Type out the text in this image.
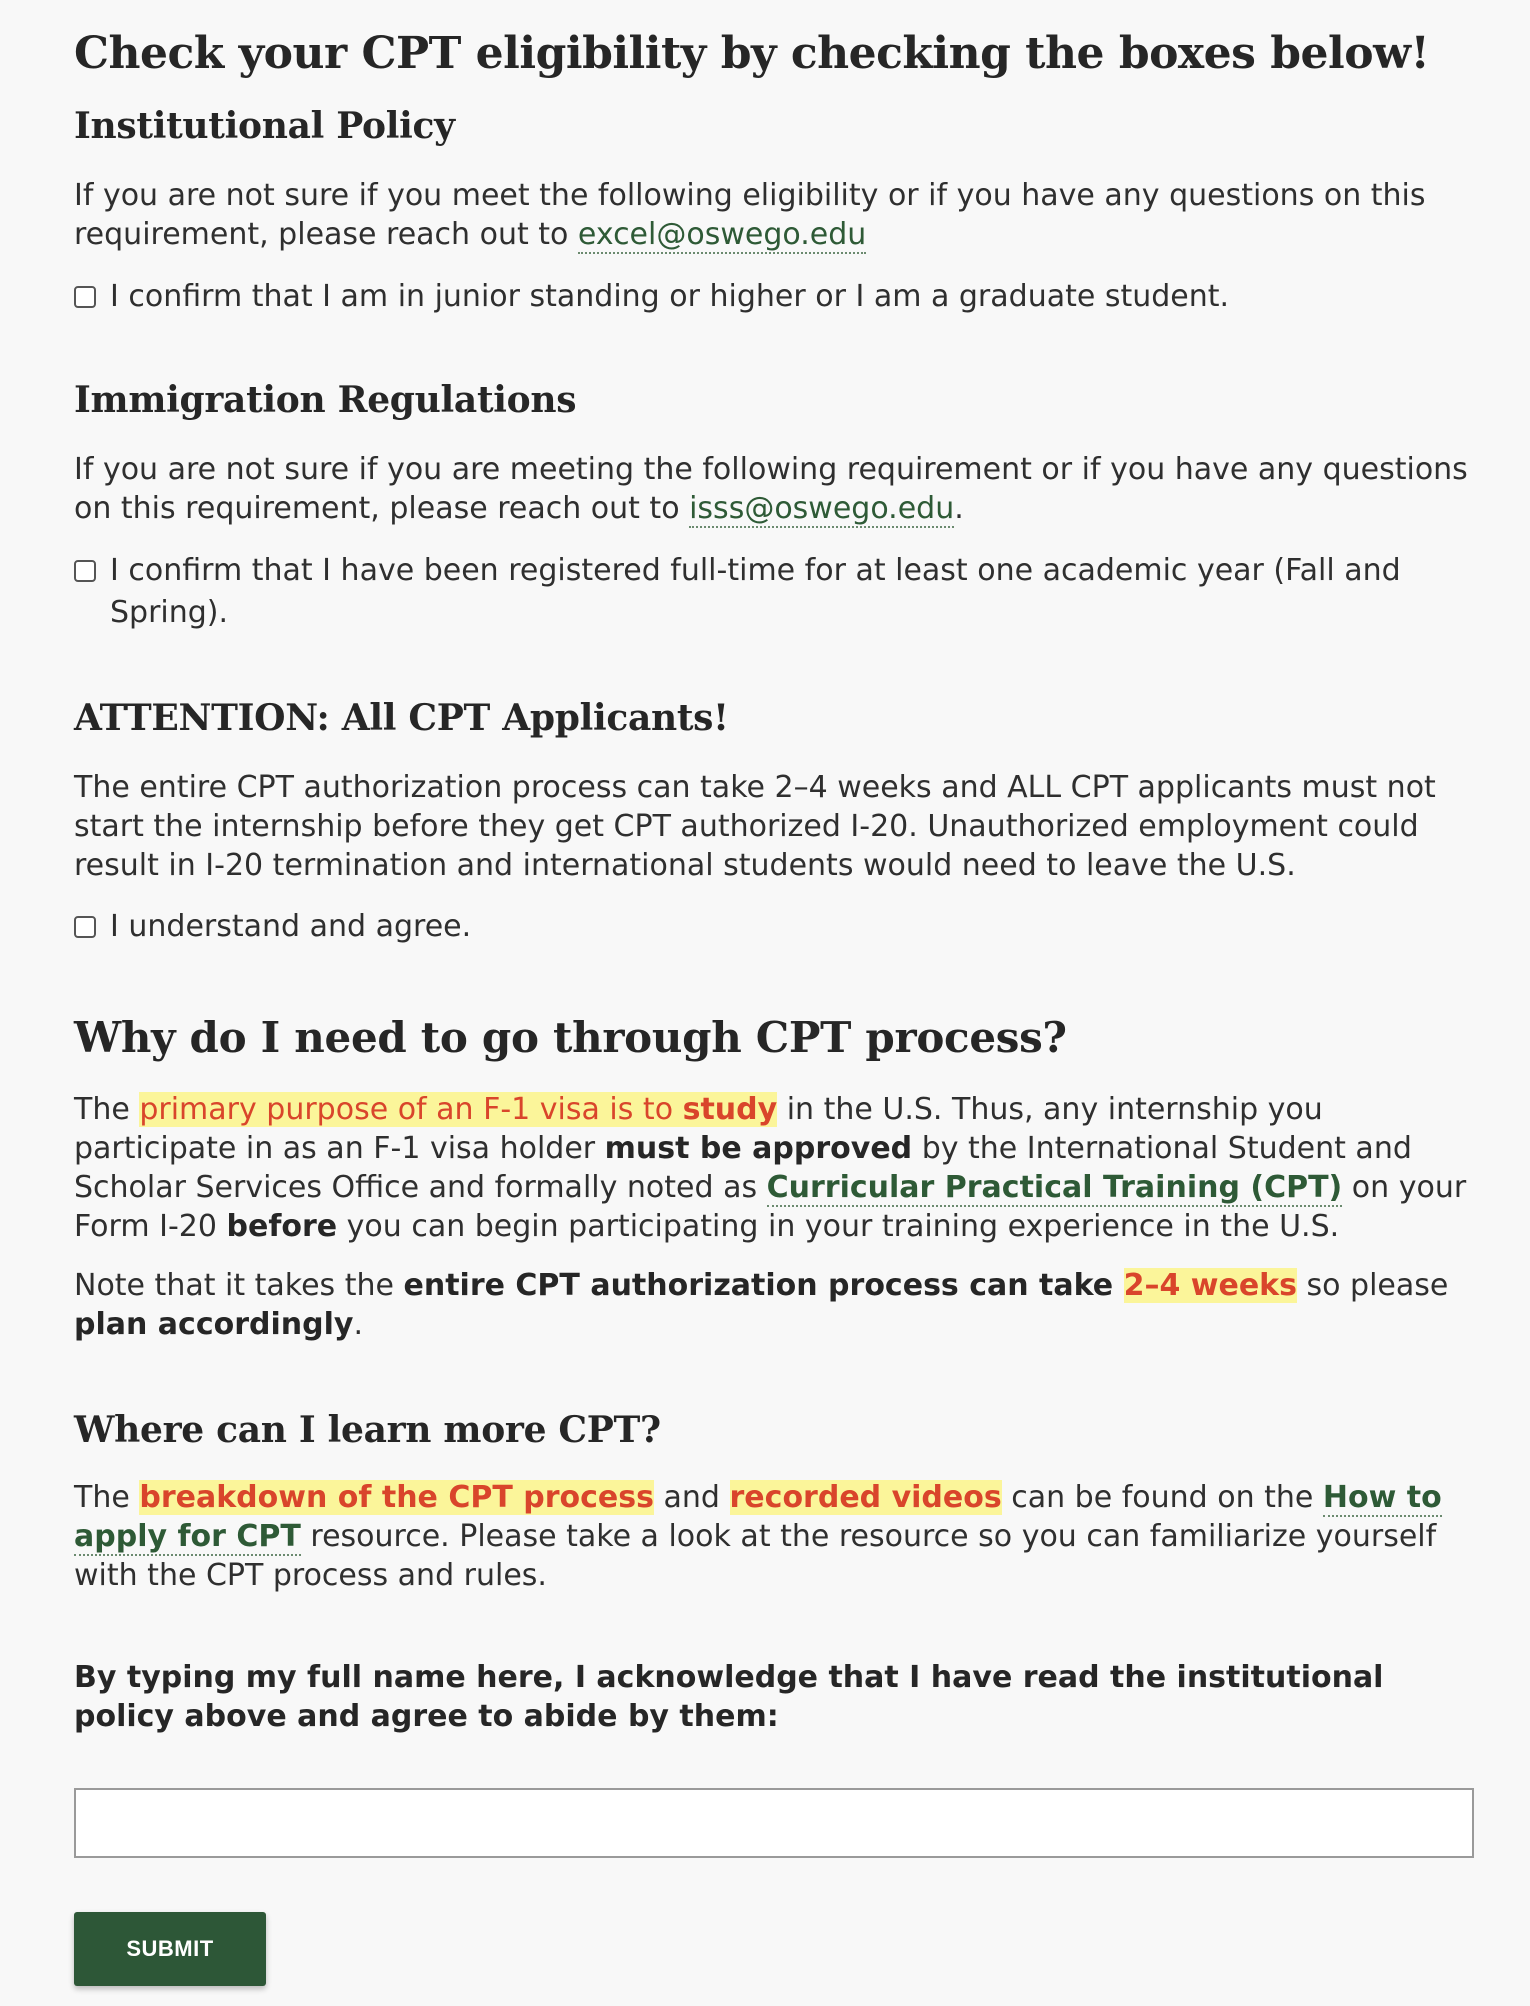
Check your CPT eligibility by checking the boxes below!
Institutional Policy

If you are not sure if you meet the following eligibility or if you have any questions on this requirement, please reach out to excel@oswego.edu

I confirm that I am in junior standing or higher or I am a graduate student.
Immigration Regulations

If you are not sure if you are meeting the following requirement or if you have any questions on this requirement, please reach out to isss@oswego.edu.

I confirm that I have been registered full-time for at least one academic year (Fall and Spring).
ATTENTION: All CPT Applicants!

The entire CPT authorization process can take 2–4 weeks and ALL CPT applicants must not start the internship before they get CPT authorized I-20. Unauthorized employment could result in I-20 termination and international students would need to leave the U.S.

I understand and agree.
Why do I need to go through CPT process?

The primary purpose of an F-1 visa is to study in the U.S. Thus, any internship you participate in as an F-1 visa holder must be approved by the International Student and Scholar Services Office and formally noted as Curricular Practical Training (CPT) on your Form I-20 before you can begin participating in your training experience in the U.S.

Note that it takes the entire CPT authorization process can take 2–4 weeks so please plan accordingly.

Where can I learn more CPT?

The breakdown of the CPT process and recorded videos can be found on the How to apply for CPT resource. Please take a look at the resource so you can familiarize yourself with the CPT process and rules.

By typing my full name here, I acknowledge that I have read the institutional policy above and agree to abide by them:

SUBMIT
